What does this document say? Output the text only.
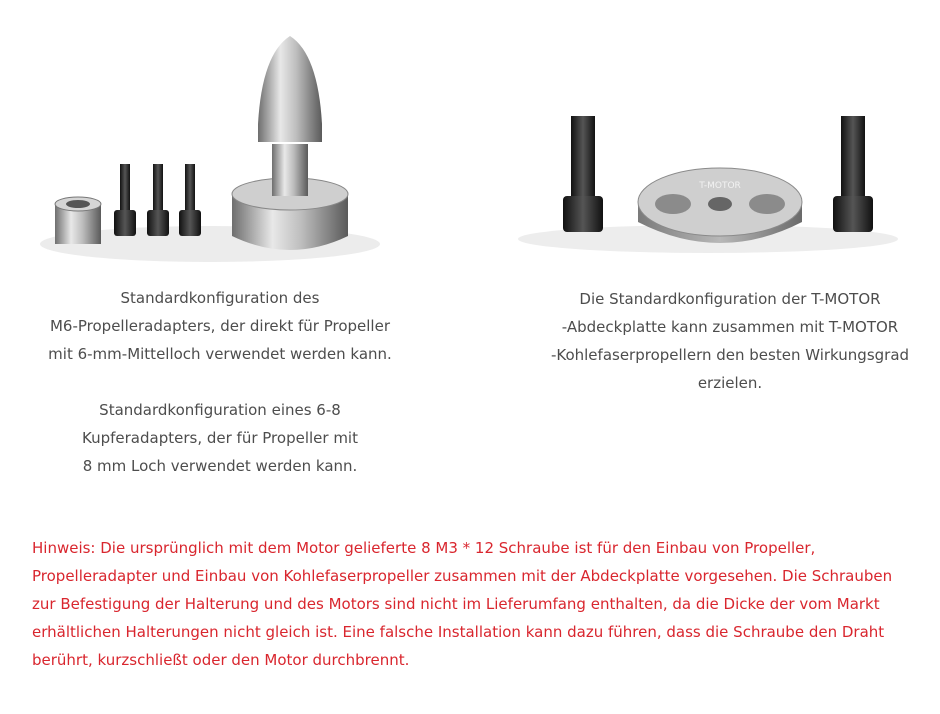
T-MOTOR

Standardkonfiguration des

M6-Propelleradapters, der direkt für Propeller

mit 6-mm-Mittelloch verwendet werden kann.

Standardkonfiguration eines 6-8

Kupferadapters, der für Propeller mit

8 mm Loch verwendet werden kann.

Die Standardkonfiguration der T-MOTOR

-Abdeckplatte kann zusammen mit T-MOTOR

-Kohlefaserpropellern den besten Wirkungsgrad

erzielen.

Hinweis: Die ursprünglich mit dem Motor gelieferte 8 M3 * 12 Schraube ist für den Einbau von Propeller,
Propelleradapter und Einbau von Kohlefaserpropeller zusammen mit der Abdeckplatte vorgesehen. Die Schrauben
zur Befestigung der Halterung und des Motors sind nicht im Lieferumfang enthalten, da die Dicke der vom Markt
erhältlichen Halterungen nicht gleich ist. Eine falsche Installation kann dazu führen, dass die Schraube den Draht
berührt, kurzschließt oder den Motor durchbrennt.
